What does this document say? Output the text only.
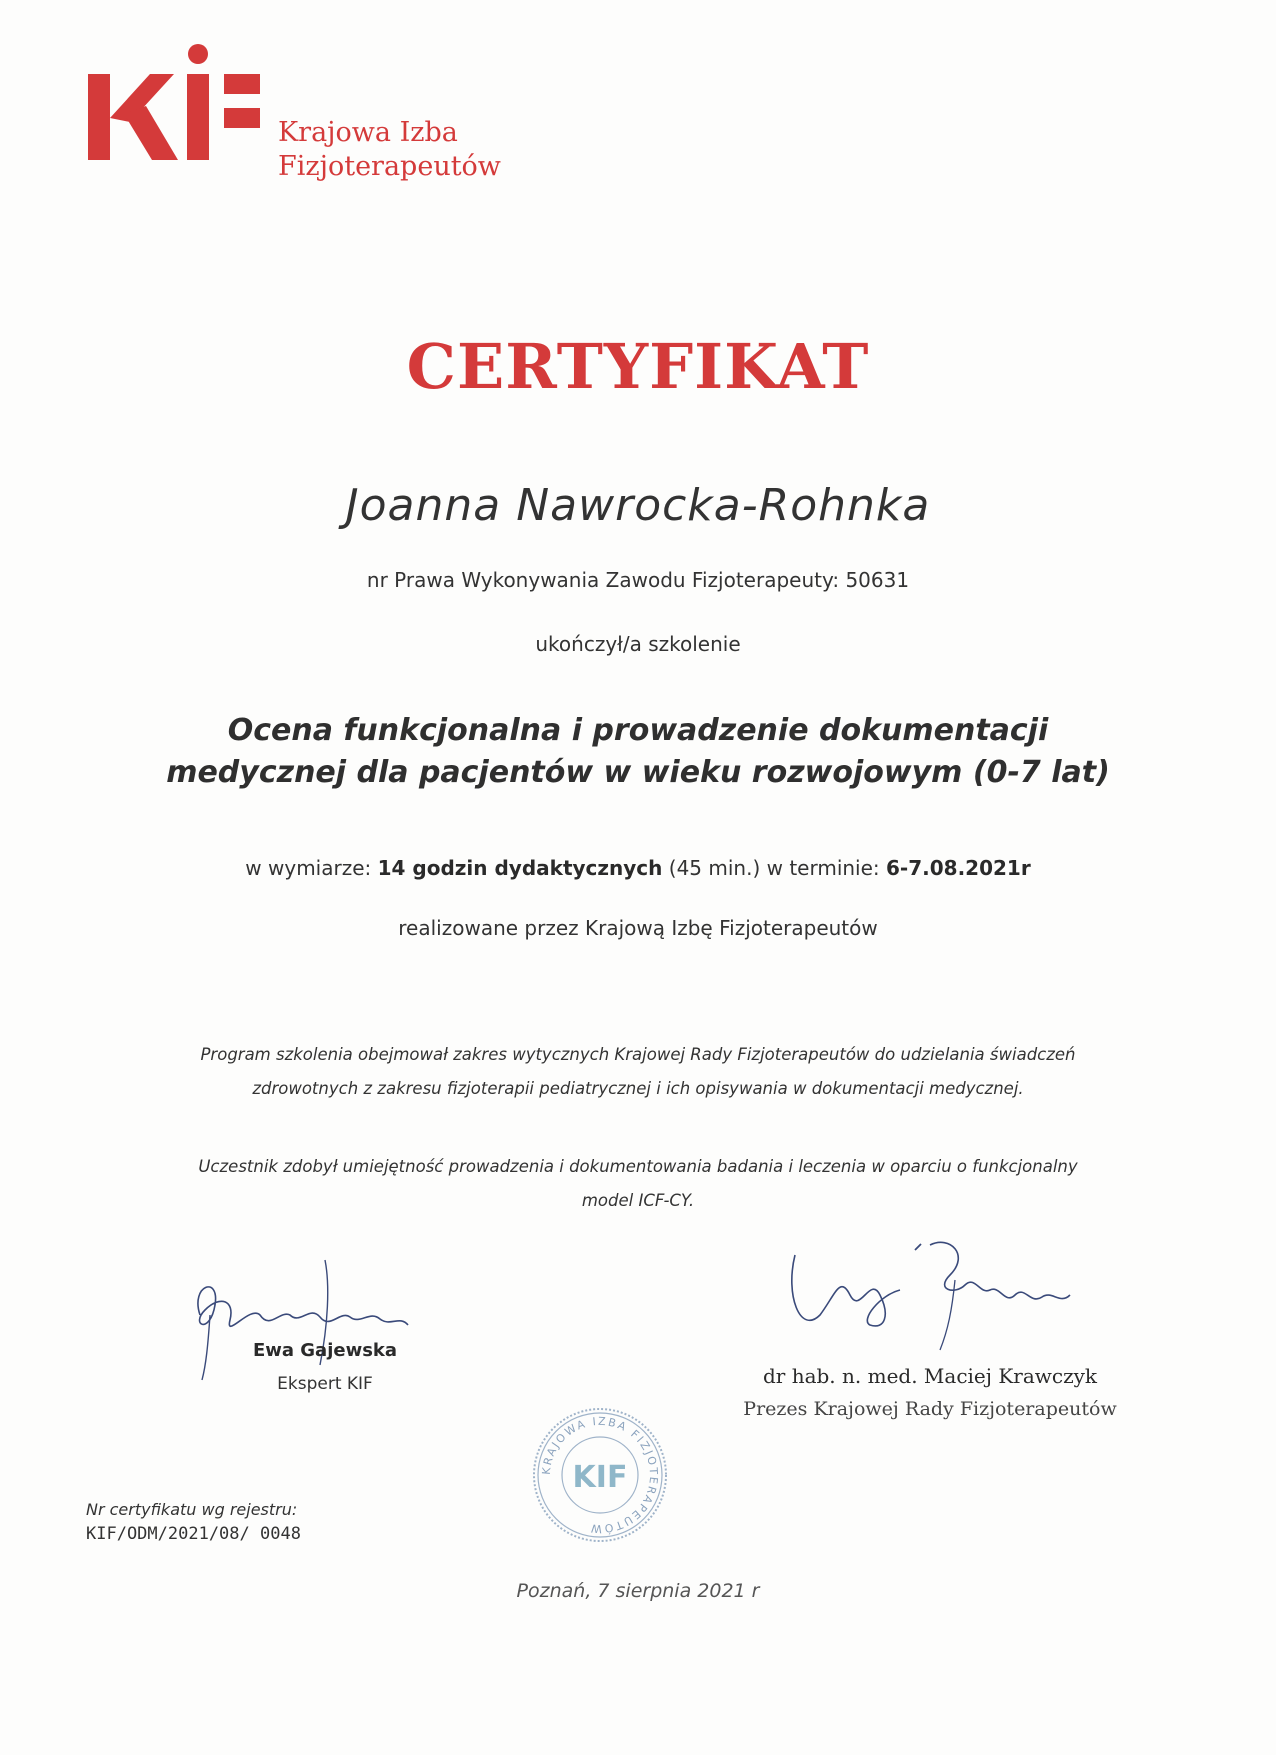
Krajowa Izba
Fizjoterapeutów
CERTYFIKAT
Joanna Nawrocka-Rohnka
nr Prawa Wykonywania Zawodu Fizjoterapeuty: 50631
ukończył/a szkolenie
Ocena funkcjonalna i prowadzenie dokumentacji
medycznej dla pacjentów w wieku rozwojowym (0-7 lat)
w wymiarze: 14 godzin dydaktycznych (45 min.) w terminie: 6-7.08.2021r
realizowane przez Krajową Izbę Fizjoterapeutów
Program szkolenia obejmował zakres wytycznych Krajowej Rady Fizjoterapeutów do udzielania świadczeń
zdrowotnych z zakresu fizjoterapii pediatrycznej i ich opisywania w dokumentacji medycznej.
Uczestnik zdobył umiejętność prowadzenia i dokumentowania badania i leczenia w oparciu o funkcjonalny
model ICF-CY.
Ewa Gajewska
Ekspert KIF	dr hab. n. med. Maciej Krawczyk
Prezes Krajowej Rady Fizjoterapeutów
KRAJOWA IZBA FIZJOTERAPEUTÓW
KIF
Nr certyfikatu wg rejestru:
KIF/ODM/2021/08/ 0048
Poznań, 7 sierpnia 2021 r
